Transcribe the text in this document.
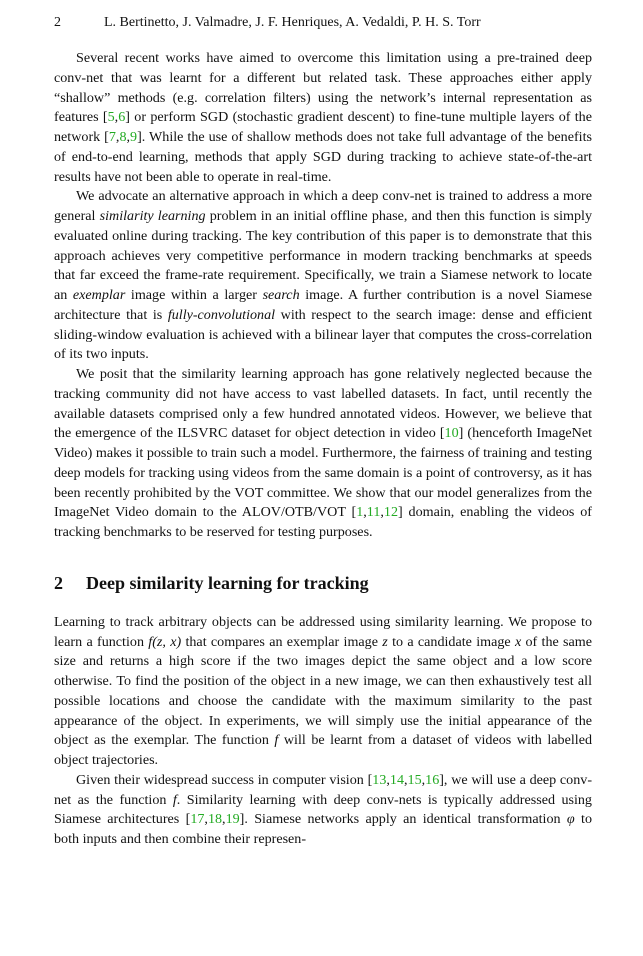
2	L. Bertinetto, J. Valmadre, J. F. Henriques, A. Vedaldi, P. H. S. Torr

Several recent works have aimed to overcome this limitation using a pre-trained deep conv-net that was learnt for a different but related task. These approaches either apply “shallow” methods (e.g. correlation filters) using the network’s internal representation as features [5,6] or perform SGD (stochastic gradient descent) to fine-tune multiple layers of the network [7,8,9]. While the use of shallow methods does not take full advantage of the benefits of end-to-end learning, methods that apply SGD during tracking to achieve state-of-the-art results have not been able to operate in real-time.

We advocate an alternative approach in which a deep conv-net is trained to address a more general similarity learning problem in an initial offline phase, and then this function is simply evaluated online during tracking. The key contribution of this paper is to demonstrate that this approach achieves very competitive performance in modern tracking benchmarks at speeds that far exceed the frame-rate requirement. Specifically, we train a Siamese network to locate an exemplar image within a larger search image. A further contribution is a novel Siamese architecture that is fully-convolutional with respect to the search image: dense and efficient sliding-window evaluation is achieved with a bilinear layer that computes the cross-correlation of its two inputs.

We posit that the similarity learning approach has gone relatively neglected because the tracking community did not have access to vast labelled datasets. In fact, until recently the available datasets comprised only a few hundred annotated videos. However, we believe that the emergence of the ILSVRC dataset for object detection in video [10] (henceforth ImageNet Video) makes it possible to train such a model. Furthermore, the fairness of training and testing deep models for tracking using videos from the same domain is a point of controversy, as it has been recently prohibited by the VOT committee. We show that our model generalizes from the ImageNet Video domain to the ALOV/OTB/VOT [1,11,12] domain, enabling the videos of tracking benchmarks to be reserved for testing purposes.

2 Deep similarity learning for tracking

Learning to track arbitrary objects can be addressed using similarity learning. We propose to learn a function f(z, x) that compares an exemplar image z to a candidate image x of the same size and returns a high score if the two images depict the same object and a low score otherwise. To find the position of the object in a new image, we can then exhaustively test all possible locations and choose the candidate with the maximum similarity to the past appearance of the object. In experiments, we will simply use the initial appearance of the object as the exemplar. The function f will be learnt from a dataset of videos with labelled object trajectories.

Given their widespread success in computer vision [13,14,15,16], we will use a deep conv-net as the function f. Similarity learning with deep conv-nets is typically addressed using Siamese architectures [17,18,19]. Siamese networks apply an identical transformation φ to both inputs and then combine their represen-
